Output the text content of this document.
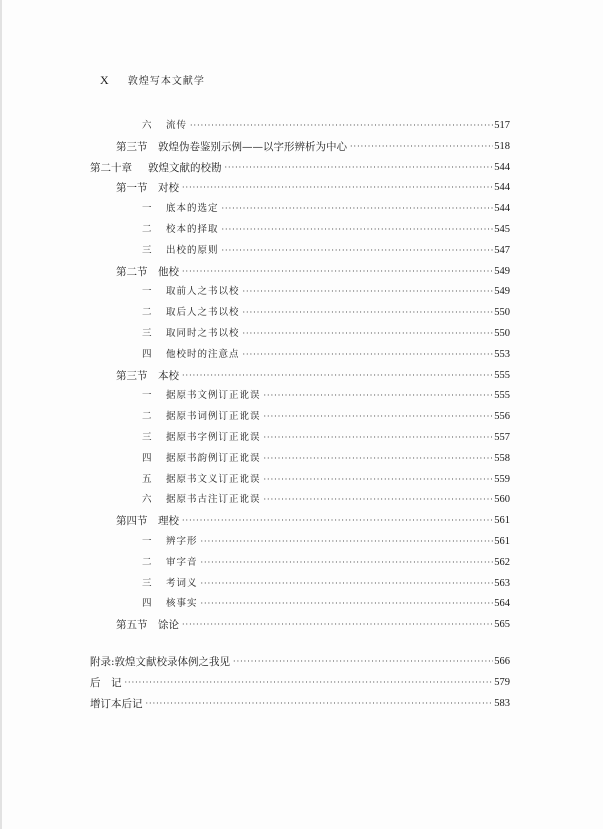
X 敦煌写本文献学
六 流传 ·····	517
第三节 敦煌伪卷鉴别示例——以字形辨析为中心 ·····	518
第二十章 敦煌文献的校勘 ·····	544
第一节 对校 ·····	544
一 底本的选定 ·····	544
二 校本的择取 ·····	545
三 出校的原则 ·····	547
第二节 他校 ·····	549
一 取前人之书以校 ·····	549
二 取后人之书以校 ·····	550
三 取同时之书以校 ·····	550
四 他校时的注意点 ·····	553
第三节 本校 ·····	555
一 据原书文例订正讹误 ·····	555
二 据原书词例订正讹误 ·····	556
三 据原书字例订正讹误 ·····	557
四 据原书韵例订正讹误 ·····	558
五 据原书文义订正讹误 ·····	559
六 据原书古注订正讹误 ·····	560
第四节 理校 ·····	561
一 辨字形 ·····	561
二 审字音 ·····	562
三 考词义 ·····	563
四 核事实 ·····	564
第五节 馀论 ·····	565
附录:敦煌文献校录体例之我见 ·····	566
后　记 ·····	579
增订本后记 ·····	583
